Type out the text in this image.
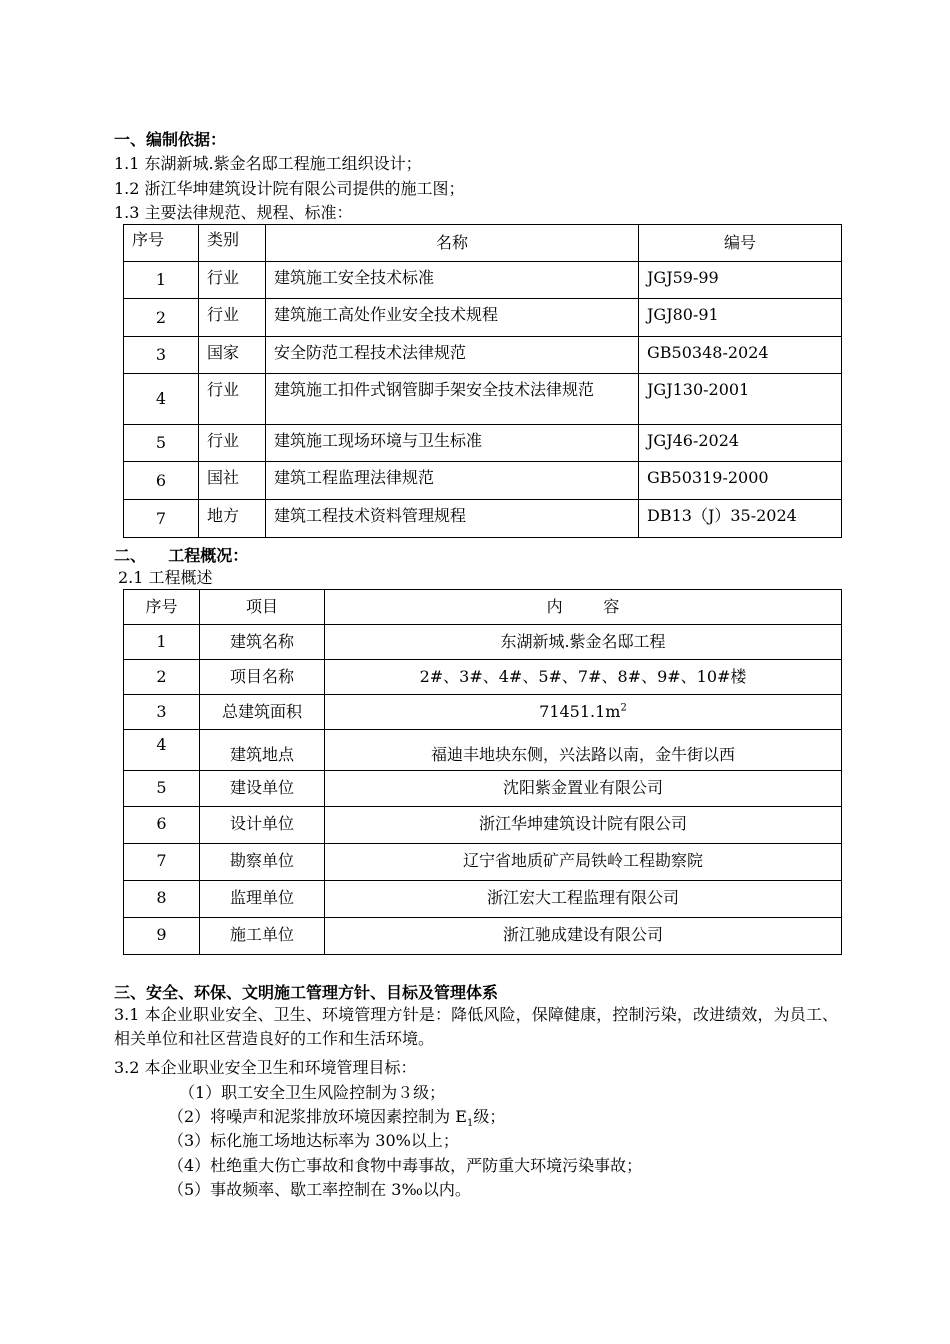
一、编制依据：
1.1 东湖新城.紫金名邸工程施工组织设计；
1.2 浙江华坤建筑设计院有限公司提供的施工图；
1.3 主要法律规范、规程、标准：
序号	类别	名称	编号
1	行业	建筑施工安全技术标准	JGJ59-99
2	行业	建筑施工高处作业安全技术规程	JGJ80-91
3	国家	安全防范工程技术法律规范	GB50348-2024
4	行业	建筑施工扣件式钢管脚手架安全技术法律规范	JGJ130-2001
5	行业	建筑施工现场环境与卫生标准	JGJ46-2024
6	国社	建筑工程监理法律规范	GB50319-2000
7	地方	建筑工程技术资料管理规程	DB13（J）35-2024
二、    工程概况：
2.1 工程概述
序号	项目	内        容
1	建筑名称	东湖新城.紫金名邸工程
2	项目名称	2#、3#、4#、5#、7#、8#、9#、10#楼
3	总建筑面积	$71451.1m^2$
4	建筑地点	福迪丰地块东侧，兴法路以南，金牛街以西
5	建设单位	沈阳紫金置业有限公司
6	设计单位	浙江华坤建筑设计院有限公司
7	勘察单位	辽宁省地质矿产局铁岭工程勘察院
8	监理单位	浙江宏大工程监理有限公司
9	施工单位	浙江驰成建设有限公司
三、安全、环保、文明施工管理方针、目标及管理体系
3.1 本企业职业安全、卫生、环境管理方针是：降低风险，保障健康，控制污染，改进绩效，为员工、相关单位和社区营造良好的工作和生活环境。
3.2 本企业职业安全卫生和环境管理目标：
（1）职工安全卫生风险控制为３级；
（2）将噪声和泥浆排放环境因素控制为 $E_1$级；
（3）标化施工场地达标率为 30%以上；
（4）杜绝重大伤亡事故和食物中毒事故，严防重大环境污染事故；
（5）事故频率、歇工率控制在 3‰以内。
